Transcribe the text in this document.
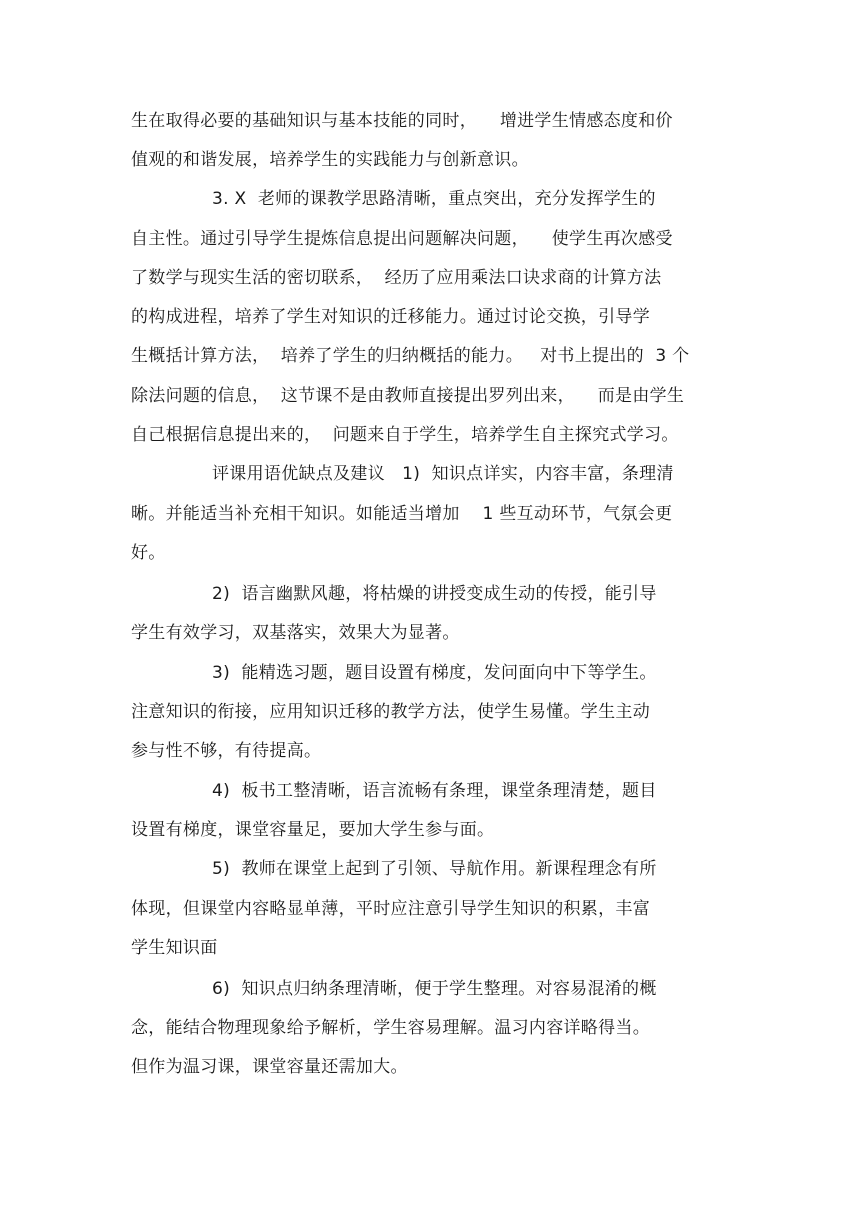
生在取得必要的基础知识与基本技能的同时，    增进学生情感态度和价
值观的和谐发展，培养学生的实践能力与创新意识。
3. X  老师的课教学思路清晰，重点突出，充分发挥学生的
自主性。通过引导学生提炼信息提出问题解决问题，    使学生再次感受
了数学与现实生活的密切联系，  经历了应用乘法口诀求商的计算方法
的构成进程，培养了学生对知识的迁移能力。通过讨论交换，引导学
生概括计算方法，  培养了学生的归纳概括的能力。   对书上提出的  3 个
除法问题的信息，  这节课不是由教师直接提出罗列出来，    而是由学生
自己根据信息提出来的，  问题来自于学生，培养学生自主探究式学习。
评课用语优缺点及建议   1)  知识点详实，内容丰富，条理清
晰。并能适当补充相干知识。如能适当增加    1 些互动环节，气氛会更
好。
2)  语言幽默风趣，将枯燥的讲授变成生动的传授，能引导
学生有效学习，双基落实，效果大为显著。
3)  能精选习题，题目设置有梯度，发问面向中下等学生。
注意知识的衔接，应用知识迁移的教学方法，使学生易懂。学生主动
参与性不够，有待提高。
4)  板书工整清晰，语言流畅有条理，课堂条理清楚，题目
设置有梯度，课堂容量足，要加大学生参与面。
5)  教师在课堂上起到了引领、导航作用。新课程理念有所
体现，但课堂内容略显单薄，平时应注意引导学生知识的积累，丰富
学生知识面
6)  知识点归纳条理清晰，便于学生整理。对容易混淆的概
念，能结合物理现象给予解析，学生容易理解。温习内容详略得当。
但作为温习课，课堂容量还需加大。
